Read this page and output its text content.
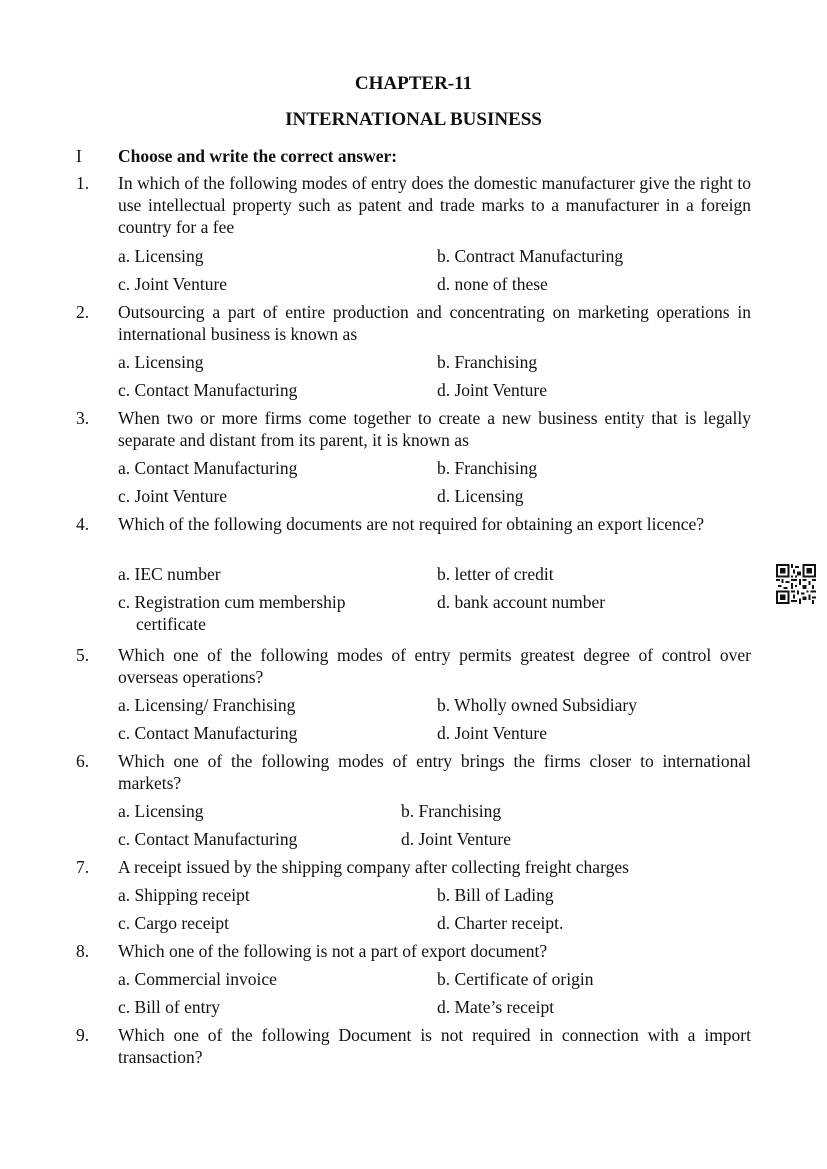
CHAPTER-11
INTERNATIONAL BUSINESS
I Choose and write the correct answer:
1. In which of the following modes of entry does the domestic manufacturer give the right to use intellectual property such as patent and trade marks to a manufacturer in a foreign country for a fee
a. Licensing	b. Contract Manufacturing
c. Joint Venture	d. none of these
2. Outsourcing a part of entire production and concentrating on marketing operations in international business is known as
a. Licensing	b. Franchising
c. Contact Manufacturing	d. Joint Venture
3. When two or more firms come together to create a new business entity that is legally separate and distant from its parent, it is known as
a. Contact Manufacturing	b. Franchising
c. Joint Venture	d. Licensing
4. Which of the following documents are not required for obtaining an export licence?
a. IEC number	b. letter of credit
c. Registration cum membership
certificate
d. bank account number
5. Which one of the following modes of entry permits greatest degree of control over overseas operations?
a. Licensing/ Franchising	b. Wholly owned Subsidiary
c. Contact Manufacturing	d. Joint Venture
6. Which one of the following modes of entry brings the firms closer to international markets?
a. Licensing	b. Franchising
c. Contact Manufacturing	d. Joint Venture
7. A receipt issued by the shipping company after collecting freight charges
a. Shipping receipt	b. Bill of Lading
c. Cargo receipt	d. Charter receipt.
8. Which one of the following is not a part of export document?
a. Commercial invoice	b. Certificate of origin
c. Bill of entry	d. Mate’s receipt
9. Which one of the following Document is not required in connection with a import transaction?
